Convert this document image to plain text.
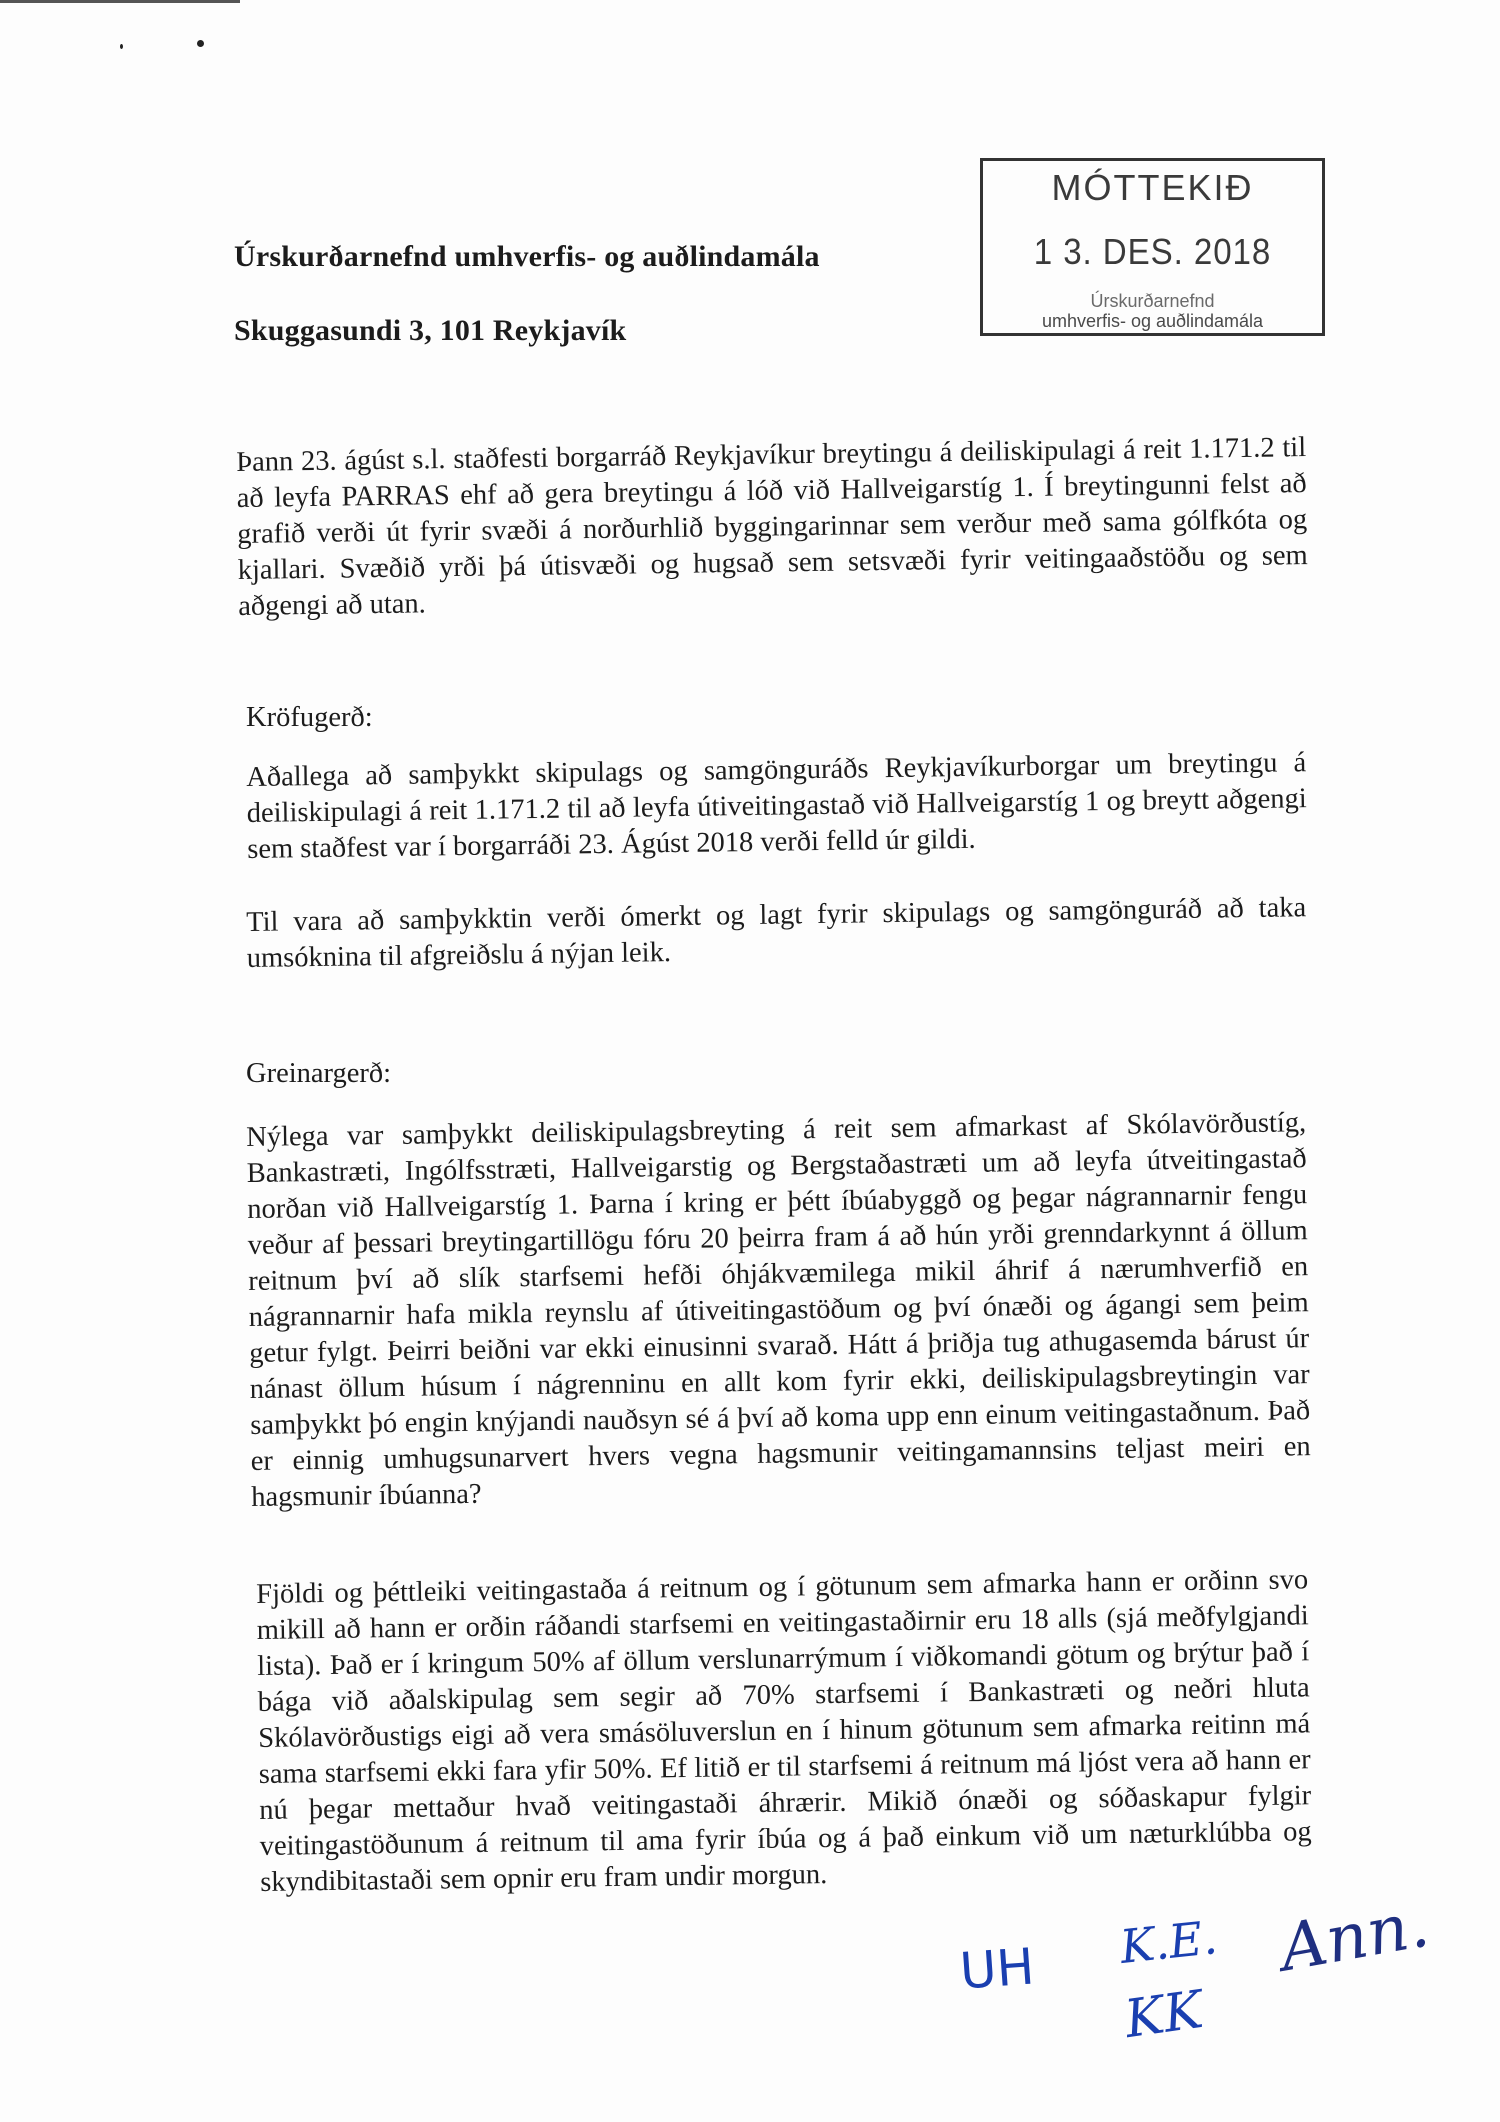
Úrskurðarnefnd umhverfis- og auðlindamála
Skuggasundi 3, 101 Reykjavík
MÓTTEKIÐ
1 3. DES. 2018
Úrskurðarnefnd
umhverfis- og auðlindamála
Þann 23. ágúst s.l. staðfesti borgarráð Reykjavíkur breytingu á deiliskipulagi á reit 1.171.2 til að leyfa PARRAS ehf að gera breytingu á lóð við Hallveigarstíg 1. Í breytingunni felst að grafið verði út fyrir svæði á norðurhlið byggingarinnar sem verður með sama gólfkóta og kjallari. Svæðið yrði þá útisvæði og hugsað sem setsvæði fyrir veitingaaðstöðu og sem aðgengi að utan.
Kröfugerð:
Aðallega að samþykkt skipulags og samgönguráðs Reykjavíkurborgar um breytingu á deiliskipulagi á reit 1.171.2 til að leyfa útiveitingastað við Hallveigarstíg 1 og breytt aðgengi sem staðfest var í borgarráði 23. Ágúst 2018 verði felld úr gildi.
Til vara að samþykktin verði ómerkt og lagt fyrir skipulags og samgönguráð að taka umsóknina til afgreiðslu á nýjan leik.
Greinargerð:
Nýlega var samþykkt deiliskipulagsbreyting á reit sem afmarkast af Skólavörðustíg, Bankastræti, Ingólfsstræti, Hallveigarstig og Bergstaðastræti um að leyfa útveitingastað norðan við Hallveigarstíg 1. Þarna í kring er þétt íbúabyggð og þegar nágrannarnir fengu veður af þessari breytingartillögu fóru 20 þeirra fram á að hún yrði grenndarkynnt á öllum reitnum því að slík starfsemi hefði óhjákvæmilega mikil áhrif á nærumhverfið en nágrannarnir hafa mikla reynslu af útiveitingastöðum og því ónæði og ágangi sem þeim getur fylgt. Þeirri beiðni var ekki einusinni svarað. Hátt á þriðja tug athugasemda bárust úr nánast öllum húsum í nágrenninu en allt kom fyrir ekki, deiliskipulagsbreytingin var samþykkt þó engin knýjandi nauðsyn sé á því að koma upp enn einum veitingastaðnum. Það er einnig umhugsunarvert hvers vegna hagsmunir veitingamannsins teljast meiri en hagsmunir íbúanna?
Fjöldi og þéttleiki veitingastaða á reitnum og í götunum sem afmarka hann er orðinn svo mikill að hann er orðin ráðandi starfsemi en veitingastaðirnir eru 18 alls (sjá meðfylgjandi lista). Það er í kringum 50% af öllum verslunarrýmum í viðkomandi götum og brýtur það í bága við aðalskipulag sem segir að 70% starfsemi í Bankastræti og neðri hluta Skólavörðustigs eigi að vera smásöluverslun en í hinum götunum sem afmarka reitinn má sama starfsemi ekki fara yfir 50%. Ef litið er til starfsemi á reitnum má ljóst vera að hann er nú þegar mettaður hvað veitingastaði áhrærir. Mikið ónæði og sóðaskapur fylgir veitingastöðunum á reitnum til ama fyrir íbúa og á það einkum við um næturklúbba og skyndibitastaði sem opnir eru fram undir morgun.
UH K.E.
KK
Ann.
